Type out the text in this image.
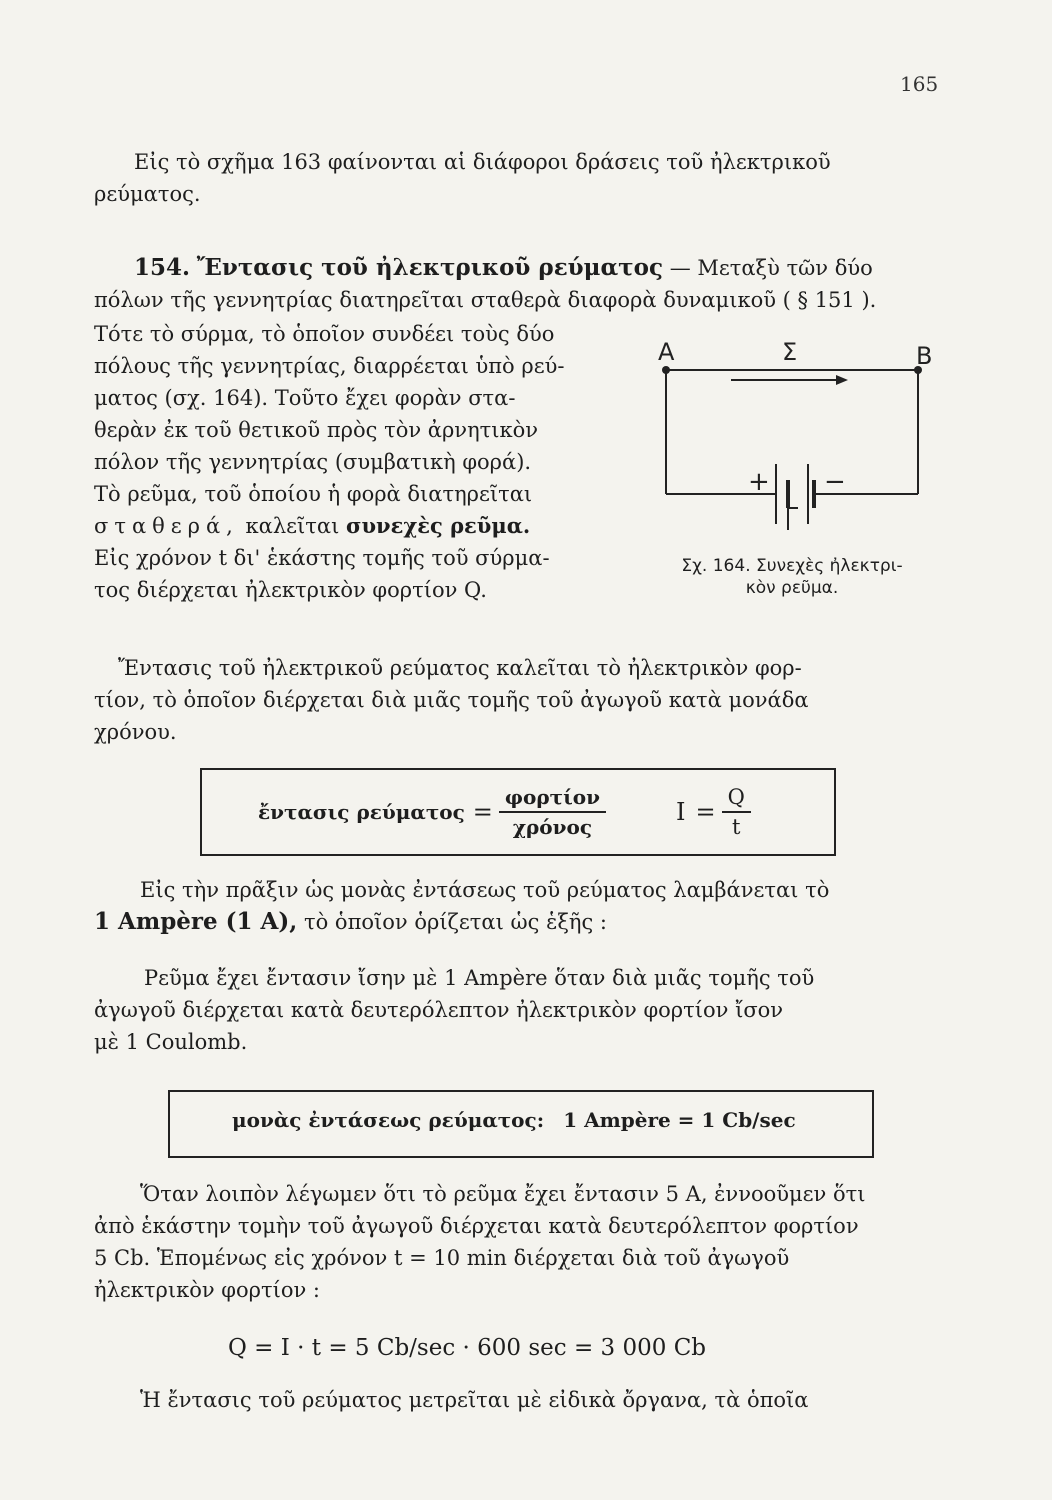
165
Εἰς τὸ σχῆμα 163 φαίνονται αἱ διάφοροι δράσεις τοῦ ἠλεκτρικοῦ
ρεύματος.
154. Ἔντασις τοῦ ἠλεκτρικοῦ ρεύματος — Μεταξὺ τῶν δύο
πόλων τῆς γεννητρίας διατηρεῖται σταθερὰ διαφορὰ δυναμικοῦ ( § 151 ).
Τότε τὸ σύρμα, τὸ ὁποῖον συνδέει τοὺς δύο
πόλους τῆς γεννητρίας, διαρρέεται ὑπὸ ρεύ-
ματος (σχ. 164). Τοῦτο ἔχει φορὰν στα-
θερὰν ἐκ τοῦ θετικοῦ πρὸς τὸν ἀρνητικὸν
πόλον τῆς γεννητρίας (συμβατικὴ φορά).
Τὸ ρεῦμα, τοῦ ὁποίου ἡ φορὰ διατηρεῖται
σταθερά, καλεῖται συνεχὲς ρεῦμα.
Εἰς χρόνον t δι' ἑκάστης τομῆς τοῦ σύρμα-
τος διέρχεται ἠλεκτρικὸν φορτίον Q.
A	Σ	B
+ −
Σχ. 164. Συνεχὲς ἠλεκτρι-
κὸν ρεῦμα.
Ἔντασις τοῦ ἠλεκτρικοῦ ρεύματος καλεῖται τὸ ἠλεκτρικὸν φορ-
τίον, τὸ ὁποῖον διέρχεται διὰ μιᾶς τομῆς τοῦ ἀγωγοῦ κατὰ μονάδα
χρόνου.
ἔντασις $\rho\varepsilon ύ\mu\alpha\tau o\varsigma = \frac{\text{φορτίον}}{\text{χρόνος}}$	$I = \frac{Q}{t}$
Εἰς τὴν πρᾶξιν ὡς μονὰς ἐντάσεως τοῦ ρεύματος λαμβάνεται τὸ
1 Ampère (1 A), τὸ ὁποῖον ὁρίζεται ὡς ἑξῆς :
Ρεῦμα ἔχει ἔντασιν ἴσην μὲ 1 Ampère ὅταν διὰ μιᾶς τομῆς τοῦ
ἀγωγοῦ διέρχεται κατὰ δευτερόλεπτον ἠλεκτρικὸν φορτίον ἴσον
μὲ 1 Coulomb.
μονὰς ἐντάσεως ρεύματος: 1 Ampère = 1 Cb/sec
Ὅταν λοιπὸν λέγωμεν ὅτι τὸ ρεῦμα ἔχει ἔντασιν 5 A, ἐννοοῦμεν ὅτι
ἀπὸ ἑκάστην τομὴν τοῦ ἀγωγοῦ διέρχεται κατὰ δευτερόλεπτον φορτίον
5 Cb. Ἑπομένως εἰς χρόνον t = 10 min διέρχεται διὰ τοῦ ἀγωγοῦ
ἠλεκτρικὸν φορτίον :
Q = I · t = 5 Cb/sec · 600 sec = 3 000 Cb
Ἡ ἔντασις τοῦ ρεύματος μετρεῖται μὲ εἰδικὰ ὄργανα, τὰ ὁποῖα
